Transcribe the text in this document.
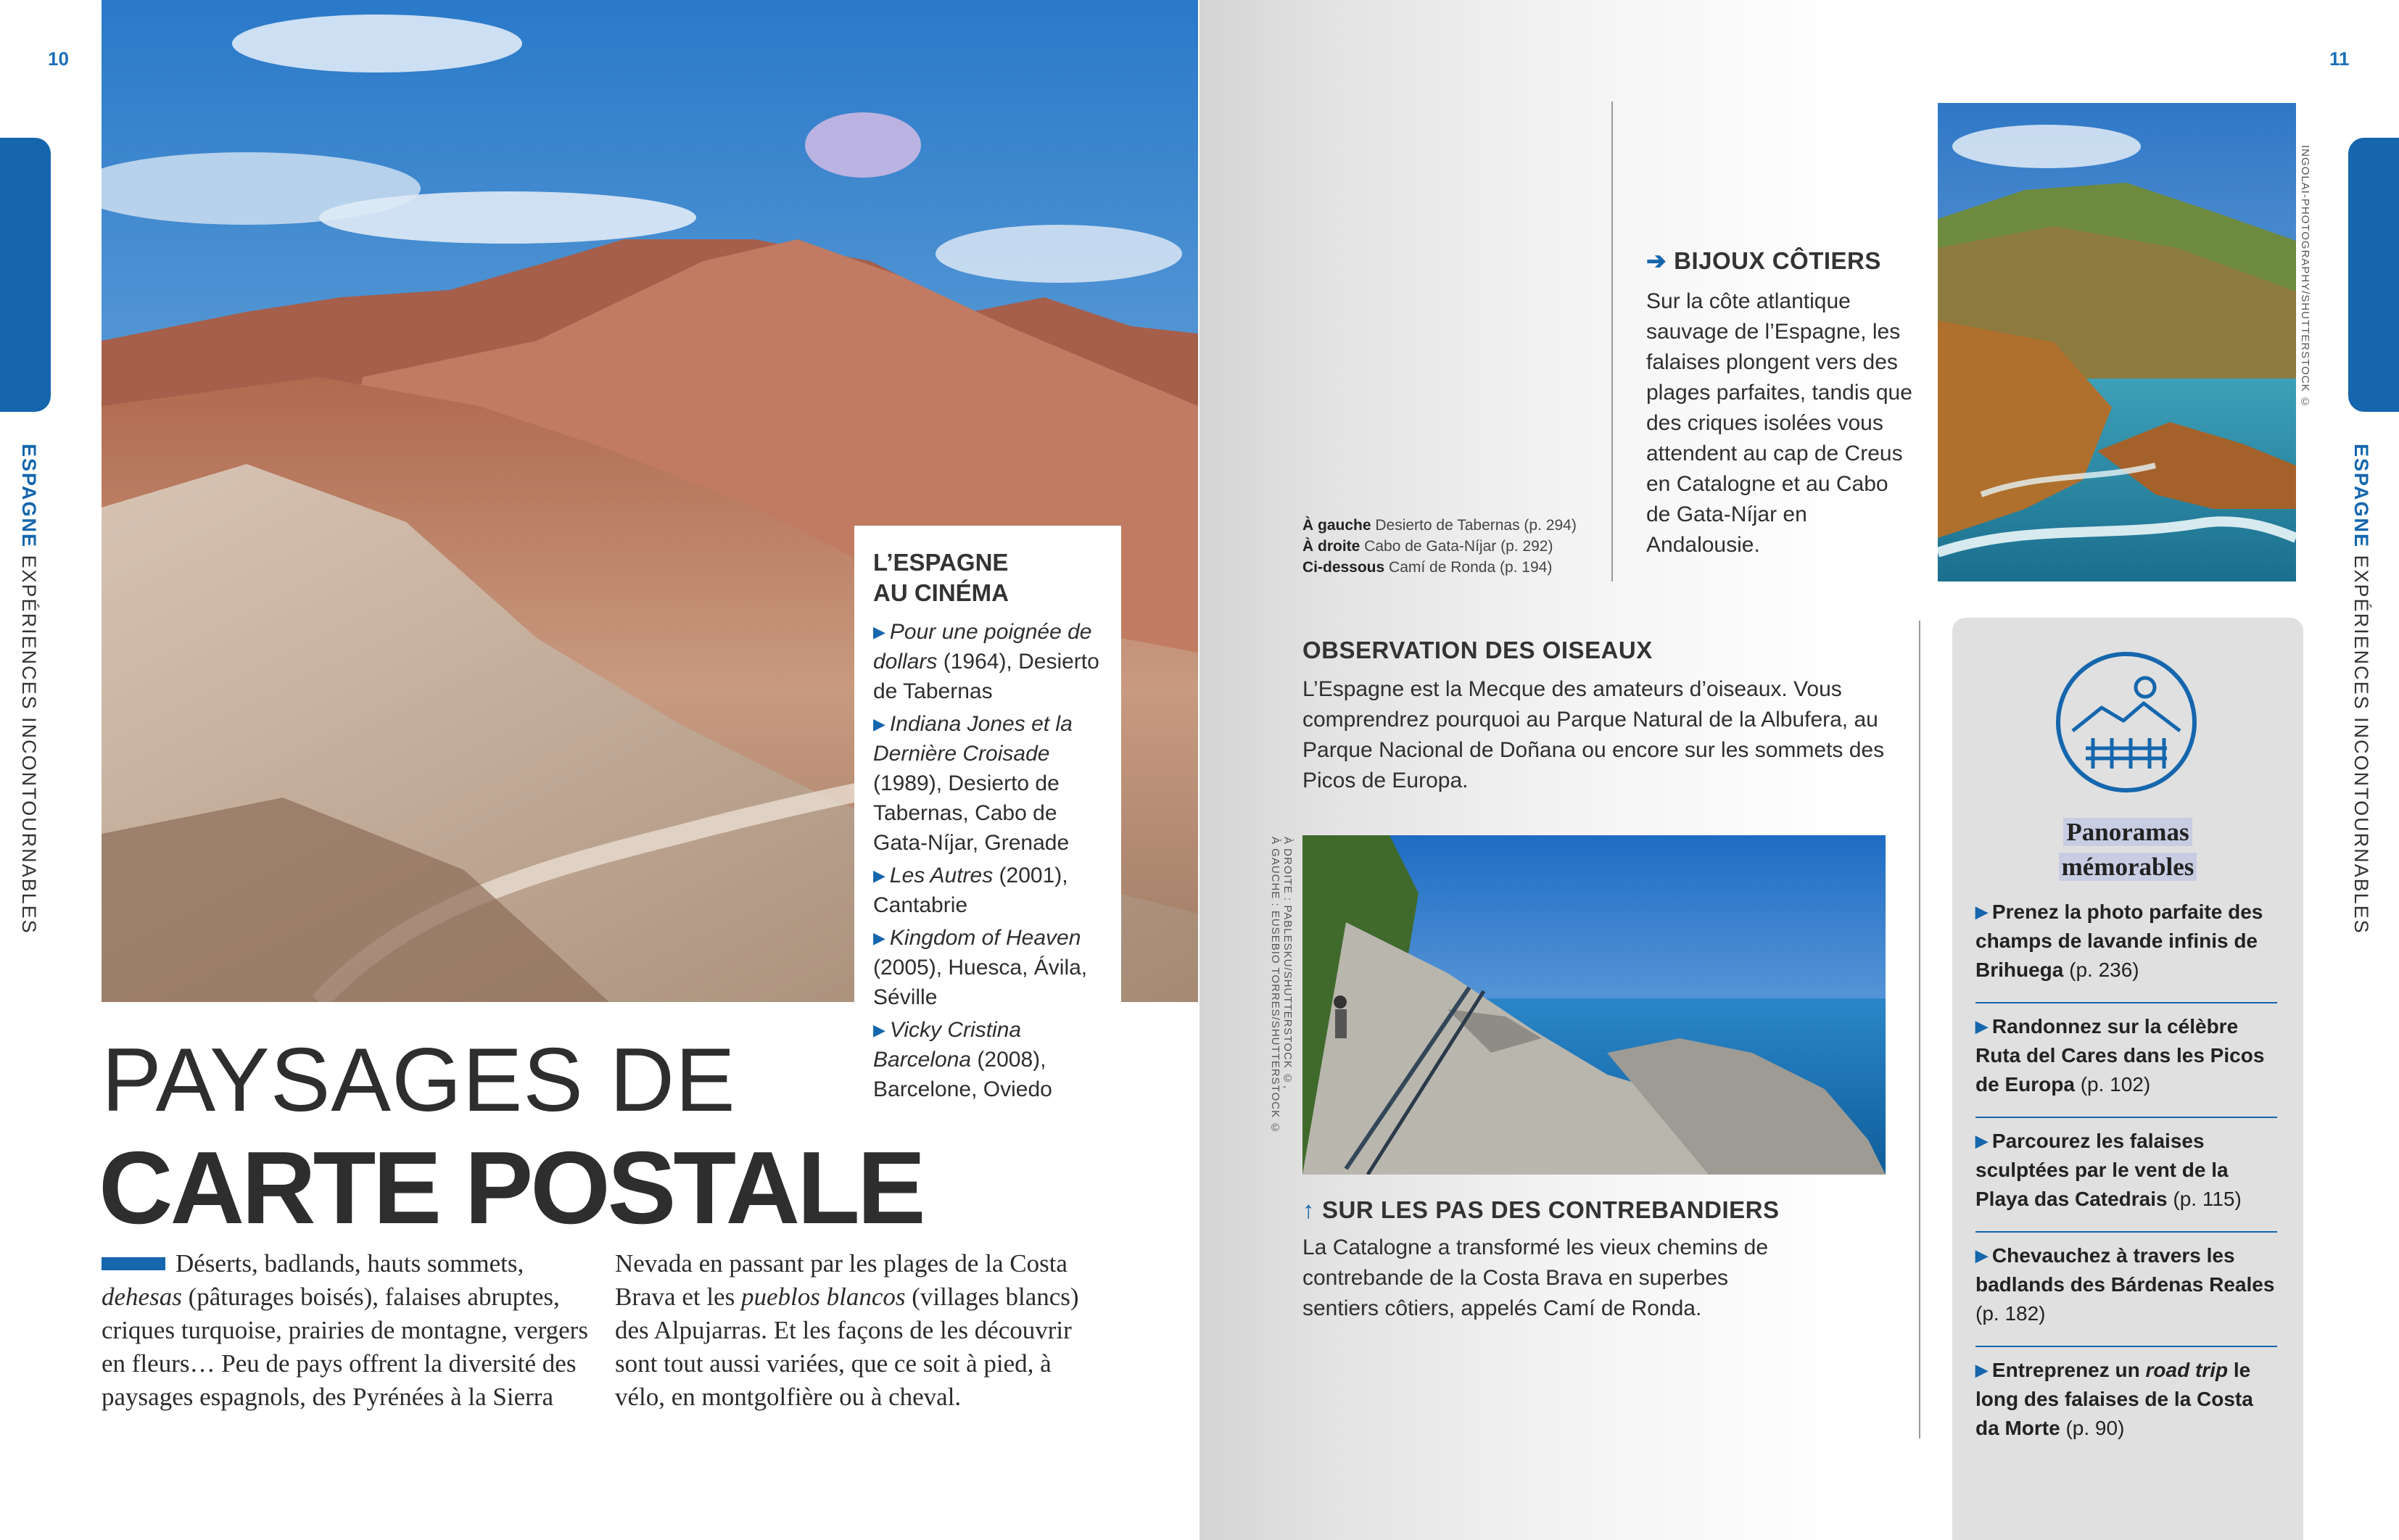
ESPAGNE EXPÉRIENCES INCONTOURNABLES
10
L’ESPAGNE
AU CINÉMA
▶ Pour une poignée de dollars (1964), Desierto de Tabernas
▶ Indiana Jones et la Dernière Croisade (1989), Desierto de Tabernas, Cabo de Gata-Níjar, Grenade
▶ Les Autres (2001), Cantabrie
▶ Kingdom of Heaven (2005), Huesca, Ávila, Séville
▶ Vicky Cristina Barcelona (2008), Barcelone, Oviedo
PAYSAGES DE
CARTE POSTALE
Déserts, badlands, hauts sommets, dehesas (pâturages boisés), falaises abruptes, criques turquoise, prairies de montagne, vergers en fleurs… Peu de pays offrent la diversité des paysages espagnols, des Pyrénées à la Sierra
Nevada en passant par les plages de la Costa Brava et les pueblos blancos (villages blancs) des Alpujarras. Et les façons de les découvrir sont tout aussi variées, que ce soit à pied, à vélo, en montgolfière ou à cheval.
11
ESPAGNE EXPÉRIENCES INCONTOURNABLES
INGOLAI-PHOTOGRAPHY/SHUTTERSTOCK ©
À gauche Desierto de Tabernas (p. 294)
À droite Cabo de Gata-Níjar (p. 292)
Ci-dessous Camí de Ronda (p. 194)
➔ BIJOUX CÔTIERS
Sur la côte atlantique sauvage de l’Espagne, les falaises plongent vers des plages parfaites, tandis que des criques isolées vous attendent au cap de Creus en Catalogne et au Cabo de Gata-Níjar en Andalousie.
OBSERVATION DES OISEAUX
L’Espagne est la Mecque des amateurs d’oiseaux. Vous comprendrez pourquoi au Parque Natural de la Albufera, au Parque Nacional de Doñana ou encore sur les sommets des Picos de Europa.
À DROITE : PABLESKU/SHUTTERSTOCK ©,
À GAUCHE : EUSEBIO TORRES/SHUTTERSTOCK ©
↑ SUR LES PAS DES CONTREBANDIERS
La Catalogne a transformé les vieux chemins de contrebande de la Costa Brava en superbes sentiers côtiers, appelés Camí de Ronda.
Panoramas
mémorables
▶ Prenez la photo parfaite des champs de lavande infinis de Brihuega (p. 236)
▶ Randonnez sur la célèbre Ruta del Cares dans les Picos de Europa (p. 102)
▶ Parcourez les falaises sculptées par le vent de la Playa das Catedrais (p. 115)
▶ Chevauchez à travers les badlands des Bárdenas Reales (p. 182)
▶ Entreprenez un road trip le long des falaises de la Costa da Morte (p. 90)
